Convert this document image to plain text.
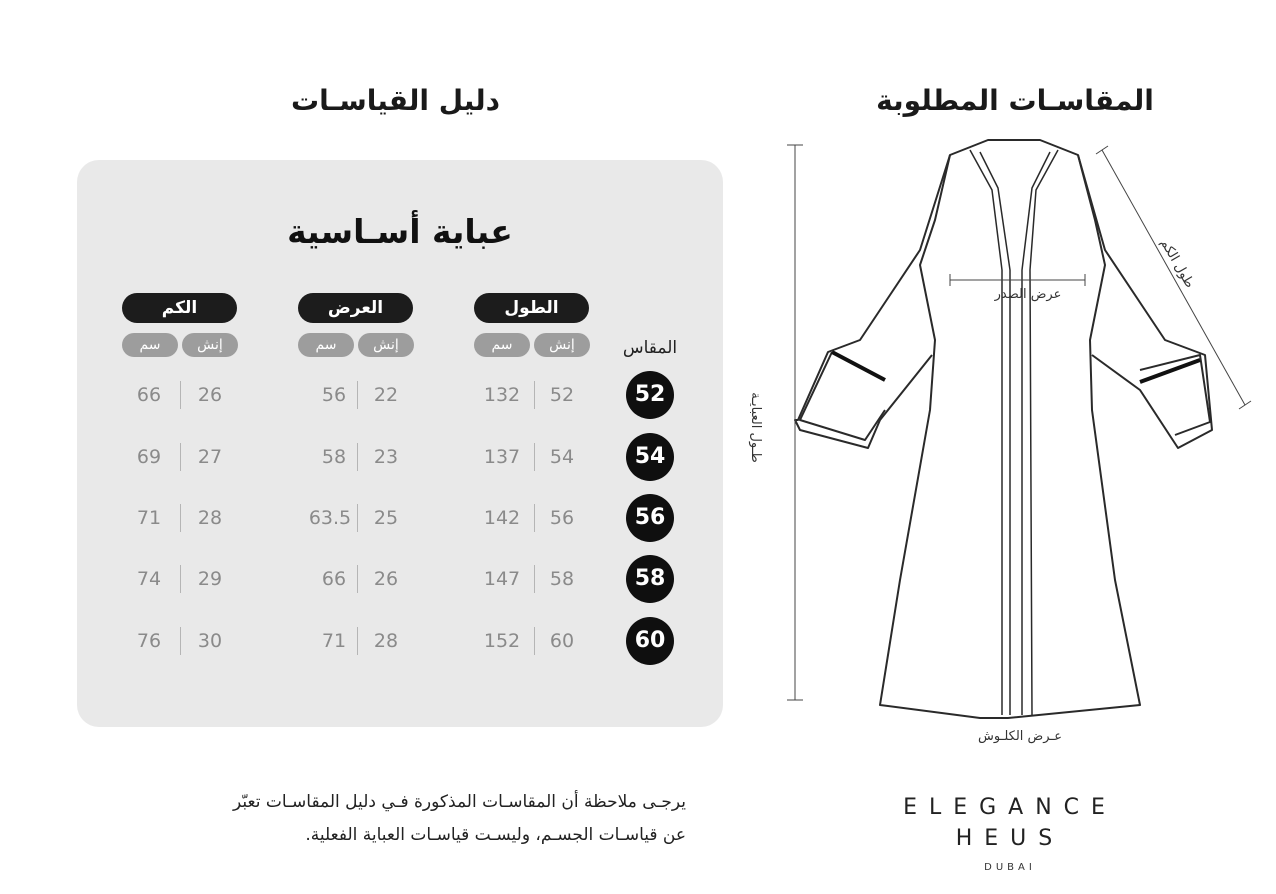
دليل القياسـات	المقاسـات المطلوبة
عباية أسـاسية
الطول
العرض
الكم
إنش
سم
إنش
سم
إنش
سم	المقاس
52
52
132
22
56
26
66
54
54
137
23
58
27
69
56
56
142
25
63.5
28
71
58
58
147
26
66
29
74
60
60
152
28
71
30
76
يرجـى ملاحظة أن المقاسـات المذكورة فـي دليل المقاسـات تعبّر
عن قياسـات الجسـم، وليسـت قياسـات العباية الفعلية.
عرض الصدر
طول الكم
طـول العبايـة
عـرض الكلـوش
ELEGANCE
HEUS
DUBAI
